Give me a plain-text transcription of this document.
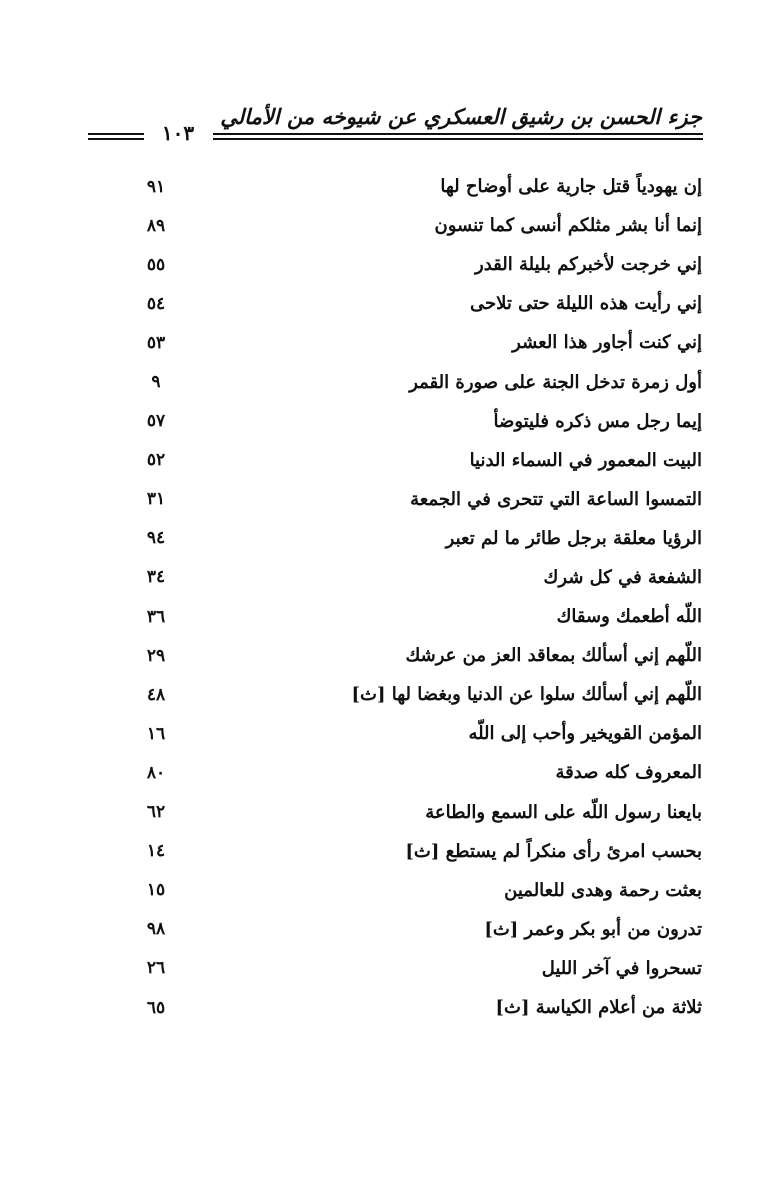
جزء الحسن بن رشيق العسكري عن شيوخه من الأمالي
١٠٣
٩١	إن يهودياً قتل جارية على أوضاح لها
٨٩	إنما أنا بشر مثلكم أنسى كما تنسون
٥٥	إني خرجت لأخبركم بليلة القدر
٥٤	إني رأيت هذه الليلة حتى تلاحى
٥٣	إني كنت أجاور هذا العشر
٩	أول زمرة تدخل الجنة على صورة القمر
٥٧	إيما رجل مس ذكره فليتوضأ
٥٢	البيت المعمور في السماء الدنيا
٣١	التمسوا الساعة التي تتحرى في الجمعة
٩٤	الرؤيا معلقة برجل طائر ما لم تعبر
٣٤	الشفعة في كل شرك
٣٦	اللّه أطعمك وسقاك
٢٩	اللّهم إني أسألك بمعاقد العز من عرشك
٤٨	اللّهم إني أسألك سلوا عن الدنيا وبغضا لها [ث]
١٦	المؤمن القويخير وأحب إلى اللّه
٨٠	المعروف كله صدقة
٦٢	بايعنا رسول اللّه على السمع والطاعة
١٤	بحسب امرئ رأى منكراً لم يستطع [ث]
١٥	بعثت رحمة وهدى للعالمين
٩٨	تدرون من أبو بكر وعمر [ث]
٢٦	تسحروا في آخر الليل
٦٥	ثلاثة من أعلام الكياسة [ث]
